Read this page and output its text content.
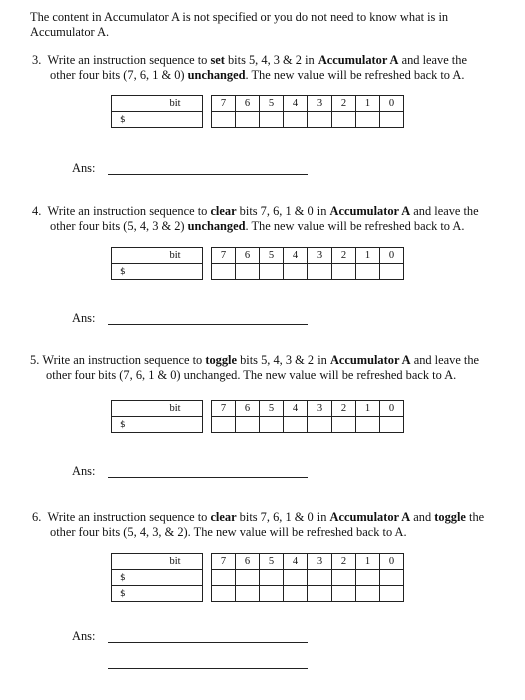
The content in Accumulator A is not specified or you do not need to know what is in
Accumulator A.
3. Write an instruction sequence to set bits 5, 4, 3 & 2 in Accumulator A and leave the
other four bits (7, 6, 1 & 0) unchanged. The new value will be refreshed back to A.
	bit		7	6	5	4	3	2	1	0
$										
Ans:
4. Write an instruction sequence to clear bits 7, 6, 1 & 0 in Accumulator A and leave the
other four bits (5, 4, 3 & 2) unchanged. The new value will be refreshed back to A.
	bit		7	6	5	4	3	2	1	0
$										
Ans:
5. Write an instruction sequence to toggle bits 5, 4, 3 & 2 in Accumulator A and leave the
other four bits (7, 6, 1 & 0) unchanged. The new value will be refreshed back to A.
	bit		7	6	5	4	3	2	1	0
$										
Ans:
6. Write an instruction sequence to clear bits 7, 6, 1 & 0 in Accumulator A and toggle the
other four bits (5, 4, 3, & 2). The new value will be refreshed back to A.
	bit		7	6	5	4	3	2	1	0
$										
$										
Ans:
